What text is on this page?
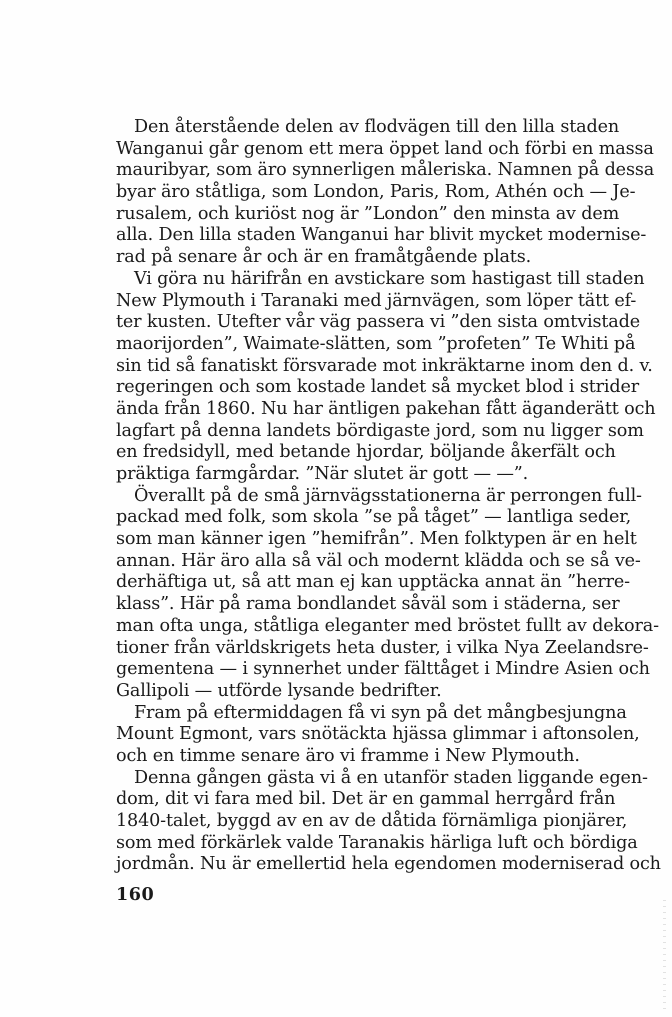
Den återstående delen av flodvägen till den lilla staden
Wanganui går genom ett mera öppet land och förbi en massa
mauribyar, som äro synnerligen måleriska. Namnen på dessa
byar äro ståtliga, som London, Paris, Rom, Athén och — Je-
rusalem, och kuriöst nog är ”London” den minsta av dem
alla. Den lilla staden Wanganui har blivit mycket modernise-
rad på senare år och är en framåtgående plats.
Vi göra nu härifrån en avstickare som hastigast till staden
New Plymouth i Taranaki med järnvägen, som löper tätt ef-
ter kusten. Utefter vår väg passera vi ”den sista omtvistade
maorijorden”, Waimate-slätten, som ”profeten” Te Whiti på
sin tid så fanatiskt försvarade mot inkräktarne inom den d. v.
regeringen och som kostade landet så mycket blod i strider
ända från 1860. Nu har äntligen pakehan fått äganderätt och
lagfart på denna landets bördigaste jord, som nu ligger som
en fredsidyll, med betande hjordar, böljande åkerfält och
präktiga farmgårdar. ”När slutet är gott — —”.
Överallt på de små järnvägsstationerna är perrongen full-
packad med folk, som skola ”se på tåget” — lantliga seder,
som man känner igen ”hemifrån”. Men folktypen är en helt
annan. Här äro alla så väl och modernt klädda och se så ve-
derhäftiga ut, så att man ej kan upptäcka annat än ”herre-
klass”. Här på rama bondlandet såväl som i städerna, ser
man ofta unga, ståtliga eleganter med bröstet fullt av dekora-
tioner från världskrigets heta duster, i vilka Nya Zeelandsre-
gementena — i synnerhet under fälttåget i Mindre Asien och
Gallipoli — utförde lysande bedrifter.
Fram på eftermiddagen få vi syn på det mångbesjungna
Mount Egmont, vars snötäckta hjässa glimmar i aftonsolen,
och en timme senare äro vi framme i New Plymouth.
Denna gången gästa vi å en utanför staden liggande egen-
dom, dit vi fara med bil. Det är en gammal herrgård från
1840-talet, byggd av en av de dåtida förnämliga pionjärer,
som med förkärlek valde Taranakis härliga luft och bördiga
jordmån. Nu är emellertid hela egendomen moderniserad och
160
